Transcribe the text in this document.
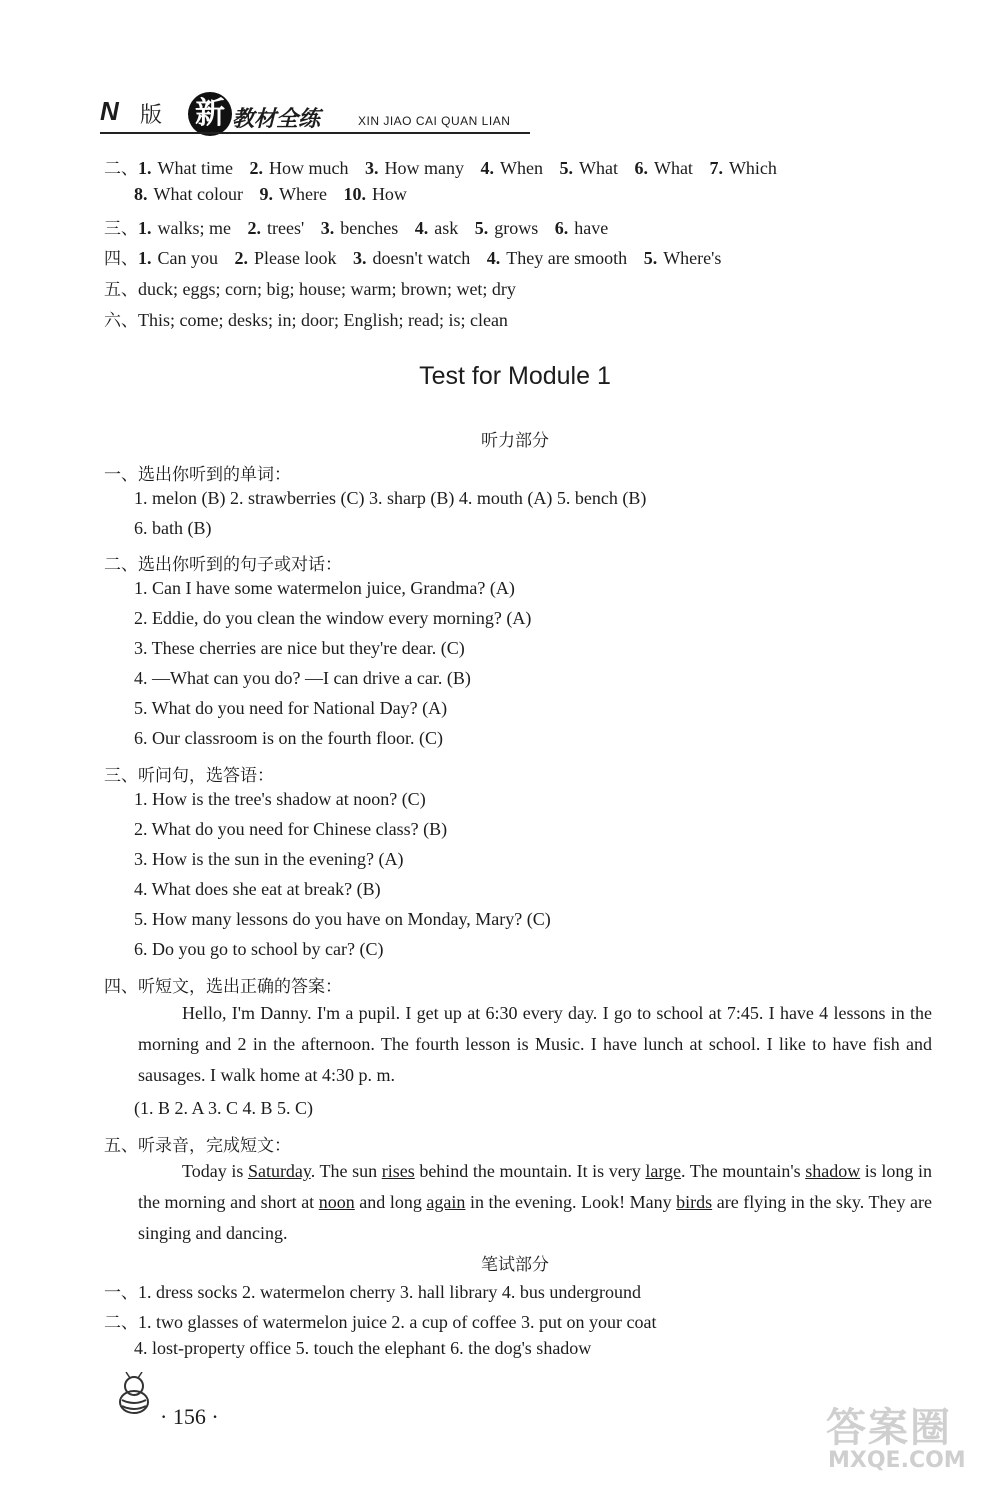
N 版 新 教材全练	XIN JIAO CAI QUAN LIAN
二、1. What time 2. How much 3. How many 4. When 5. What 6. What 7. Which
8. What colour 9. Where 10. How
三、1. walks; me 2. trees' 3. benches 4. ask 5. grows 6. have
四、1. Can you 2. Please look 3. doesn't watch 4. They are smooth 5. Where's
五、duck; eggs; corn; big; house; warm; brown; wet; dry
六、This; come; desks; in; door; English; read; is; clean
Test for Module 1
听力部分
一、选出你听到的单词：
1. melon (B) 2. strawberries (C) 3. sharp (B) 4. mouth (A) 5. bench (B)
6. bath (B)
二、选出你听到的句子或对话：
1. Can I have some watermelon juice, Grandma? (A)
2. Eddie, do you clean the window every morning? (A)
3. These cherries are nice but they're dear. (C)
4. —What can you do? —I can drive a car. (B)
5. What do you need for National Day? (A)
6. Our classroom is on the fourth floor. (C)
三、听问句，选答语：
1. How is the tree's shadow at noon? (C)
2. What do you need for Chinese class? (B)
3. How is the sun in the evening? (A)
4. What does she eat at break? (B)
5. How many lessons do you have on Monday, Mary? (C)
6. Do you go to school by car? (C)
四、听短文，选出正确的答案：
Hello, I'm Danny. I'm a pupil. I get up at 6:30 every day. I go to school at 7:45. I have 4 lessons in the morning and 2 in the afternoon. The fourth lesson is Music. I have lunch at school. I like to have fish and sausages. I walk home at 4:30 p. m.
(1. B 2. A 3. C 4. B 5. C)
五、听录音，完成短文：
Today is Saturday. The sun rises behind the mountain. It is very large. The mountain's shadow is long in the morning and short at noon and long again in the evening. Look! Many birds are flying in the sky. They are singing and dancing.
笔试部分
一、1. dress socks 2. watermelon cherry 3. hall library 4. bus underground
二、1. two glasses of watermelon juice 2. a cup of coffee 3. put on your coat
4. lost-property office 5. touch the elephant 6. the dog's shadow
· 156 ·	答案圈
MXQE.COM
